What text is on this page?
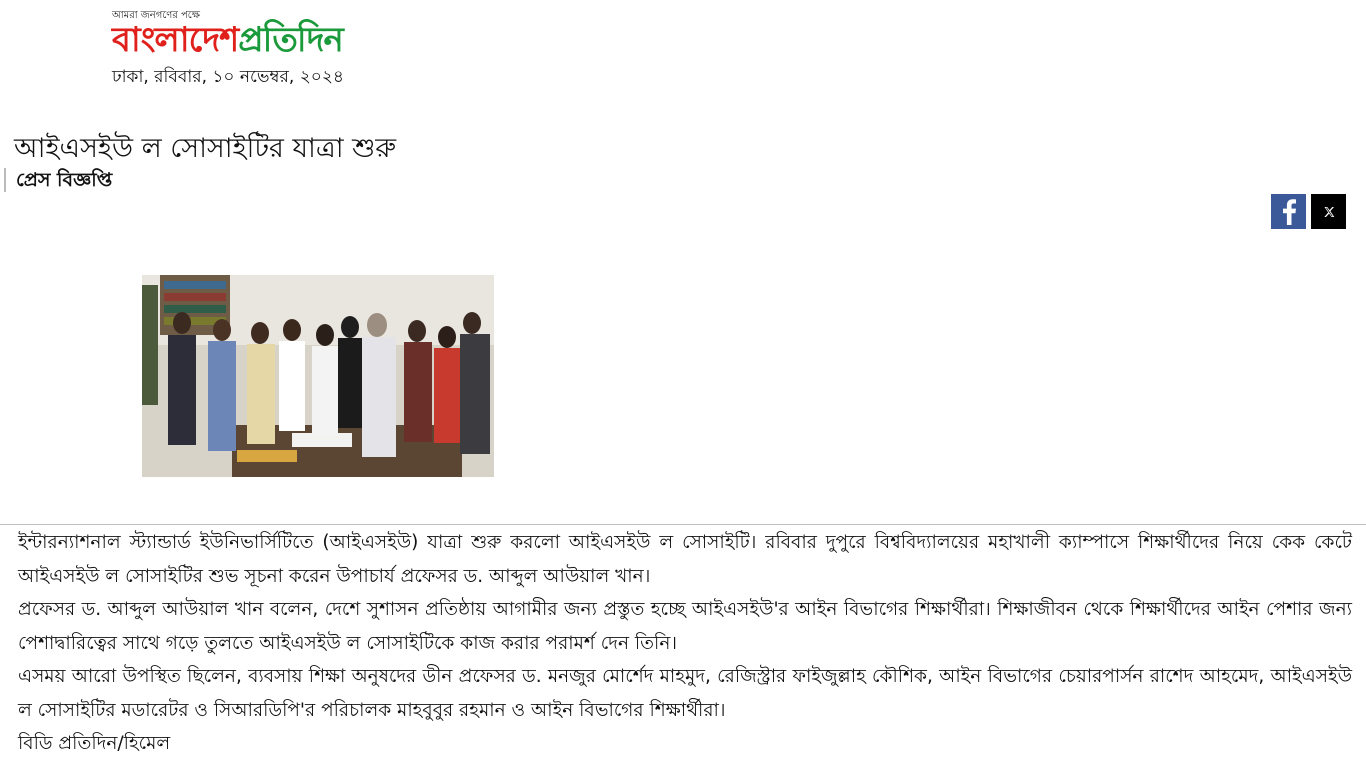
আমরা জনগণের পক্ষে
বাংলাদেশপ্রতিদিন
ঢাকা, রবিবার, ১০ নভেম্বর, ২০২৪
আইএসইউ ল সোসাইটির যাত্রা শুরু
প্রেস বিজ্ঞপ্তি

ইন্টারন্যাশনাল স্ট্যান্ডার্ড ইউনিভার্সিটিতে (আইএসইউ) যাত্রা শুরু করলো আইএসইউ ল সোসাইটি। রবিবার দুপুরে বিশ্ববিদ্যালয়ের মহাখালী ক্যাম্পাসে শিক্ষার্থীদের নিয়ে কেক কেটে আইএসইউ ল সোসাইটির শুভ সূচনা করেন উপাচার্য প্রফেসর ড. আব্দুল আউয়াল খান।

প্রফেসর ড. আব্দুল আউয়াল খান বলেন, দেশে সুশাসন প্রতিষ্ঠায় আগামীর জন্য প্রস্তুত হচ্ছে আইএসইউ'র আইন বিভাগের শিক্ষার্থীরা। শিক্ষাজীবন থেকে শিক্ষার্থীদের আইন পেশার জন্য পেশাদ্বারিত্বের সাথে গড়ে তুলতে আইএসইউ ল সোসাইটিকে কাজ করার পরামর্শ দেন তিনি।

এসময় আরো উপস্থিত ছিলেন, ব্যবসায় শিক্ষা অনুষদের ডীন প্রফেসর ড. মনজুর মোর্শেদ মাহমুদ, রেজিস্ট্রার ফাইজুল্লাহ কৌশিক, আইন বিভাগের চেয়ারপার্সন রাশেদ আহমেদ, আইএসইউ ল সোসাইটির মডারেটর ও সিআরডিপি'র পরিচালক মাহবুবুর রহমান ও আইন বিভাগের শিক্ষার্থীরা।

বিডি প্রতিদিন/হিমেল
